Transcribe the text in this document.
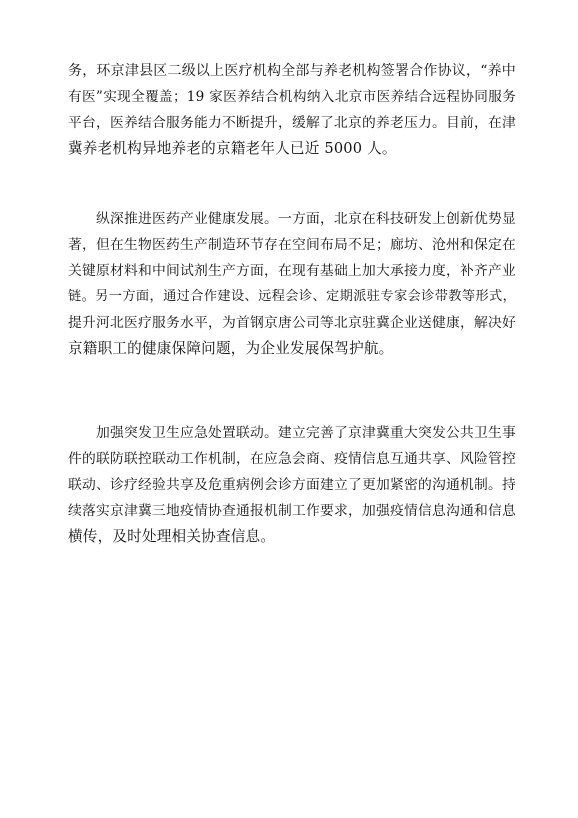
务，环京津县区二级以上医疗机构全部与养老机构签署合作协议，“养中
有医”实现全覆盖；19 家医养结合机构纳入北京市医养结合远程协同服务
平台，医养结合服务能力不断提升，缓解了北京的养老压力。目前，在津
冀养老机构异地养老的京籍老年人已近 5000 人。
纵深推进医药产业健康发展。一方面，北京在科技研发上创新优势显
著，但在生物医药生产制造环节存在空间布局不足；廊坊、沧州和保定在
关键原材料和中间试剂生产方面，在现有基础上加大承接力度，补齐产业
链。另一方面，通过合作建设、远程会诊、定期派驻专家会诊带教等形式，
提升河北医疗服务水平，为首钢京唐公司等北京驻冀企业送健康，解决好
京籍职工的健康保障问题，为企业发展保驾护航。
加强突发卫生应急处置联动。建立完善了京津冀重大突发公共卫生事
件的联防联控联动工作机制，在应急会商、疫情信息互通共享、风险管控
联动、诊疗经验共享及危重病例会诊方面建立了更加紧密的沟通机制。持
续落实京津冀三地疫情协查通报机制工作要求，加强疫情信息沟通和信息
横传，及时处理相关协查信息。
